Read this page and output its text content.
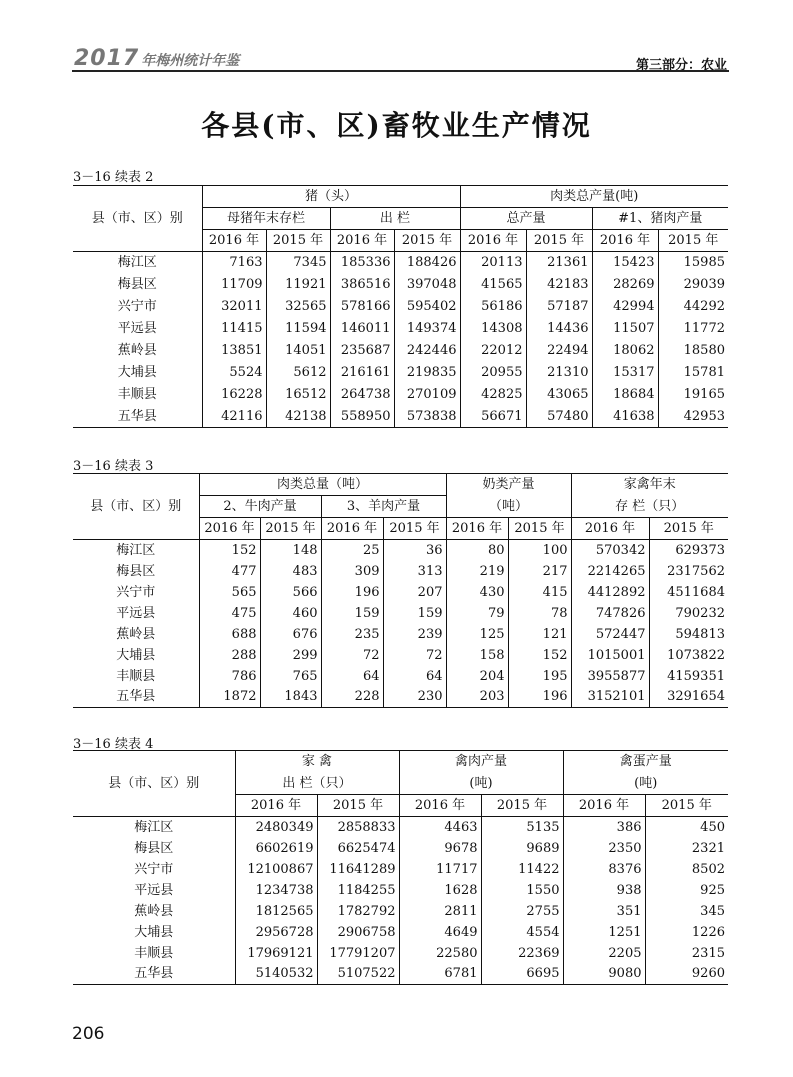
2017 年梅州统计年鉴	第三部分：农业
各县(市、区)畜牧业生产情况
3－16 续表 2
县（市、区）别	猪（头）				肉类总产量(吨)			
	母猪年末存栏		出 栏		总产量		#1、猪肉产量	
	2016 年	2015 年	2016 年	2015 年	2016 年	2015 年	2016 年	2015 年
梅江区	7163	7345	185336	188426	20113	21361	15423	15985
梅县区	11709	11921	386516	397048	41565	42183	28269	29039
兴宁市	32011	32565	578166	595402	56186	57187	42994	44292
平远县	11415	11594	146011	149374	14308	14436	11507	11772
蕉岭县	13851	14051	235687	242446	22012	22494	18062	18580
大埔县	5524	5612	216161	219835	20955	21310	15317	15781
丰顺县	16228	16512	264738	270109	42825	43065	18684	19165
五华县	42116	42138	558950	573838	56671	57480	41638	42953
3－16 续表 3
县（市、区）别	肉类总量（吨）				奶类产量		家禽年末	
	2、牛肉产量		3、羊肉产量		（吨）		存 栏（只）	
	2016 年	2015 年	2016 年	2015 年	2016 年	2015 年	2016 年	2015 年
梅江区	152	148	25	36	80	100	570342	629373
梅县区	477	483	309	313	219	217	2214265	2317562
兴宁市	565	566	196	207	430	415	4412892	4511684
平远县	475	460	159	159	79	78	747826	790232
蕉岭县	688	676	235	239	125	121	572447	594813
大埔县	288	299	72	72	158	152	1015001	1073822
丰顺县	786	765	64	64	204	195	3955877	4159351
五华县	1872	1843	228	230	203	196	3152101	3291654
3－16 续表 4
县（市、区）别	家 禽		禽肉产量		禽蛋产量	
	出 栏（只）		(吨)		(吨)	
	2016 年	2015 年	2016 年	2015 年	2016 年	2015 年
梅江区	2480349	2858833	4463	5135	386	450
梅县区	6602619	6625474	9678	9689	2350	2321
兴宁市	12100867	11641289	11717	11422	8376	8502
平远县	1234738	1184255	1628	1550	938	925
蕉岭县	1812565	1782792	2811	2755	351	345
大埔县	2956728	2906758	4649	4554	1251	1226
丰顺县	17969121	17791207	22580	22369	2205	2315
五华县	5140532	5107522	6781	6695	9080	9260
206
